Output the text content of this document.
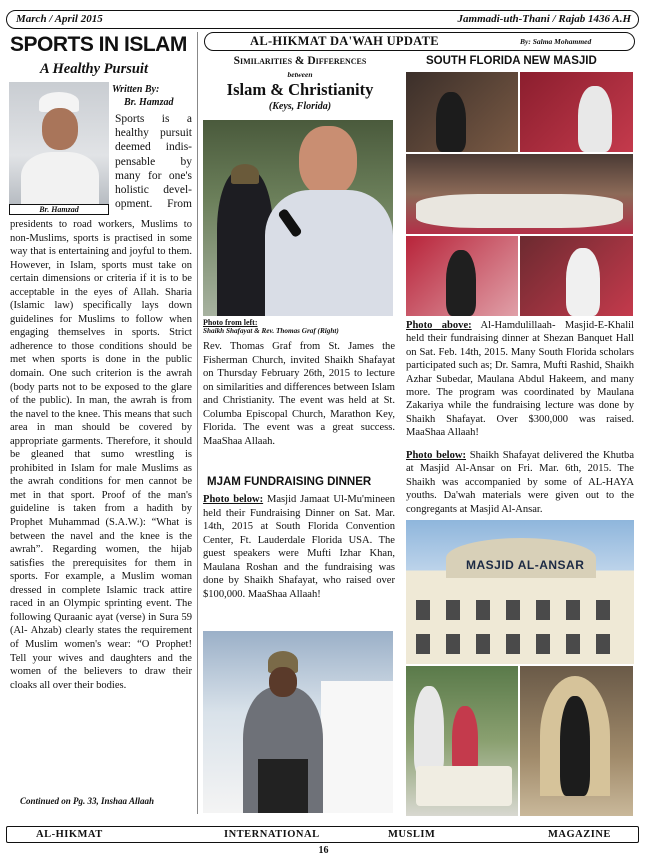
March / April 2015	Jammadi-uth-Thani / Rajab 1436 A.H
SPORTS IN ISLAM
A Healthy Pursuit
Br. Hamzad
Written By:
Br. Hamzad
Sports is a
healthy pursuit
deemed indis-
pensable by
many for one's
holistic devel-
opment. From
presidents to road workers, Muslims to non-Muslims, sports is practised in some way that is entertaining and joyful to them. However, in Islam, sports must take on certain dimensions or criteria if it is to be acceptable in the eyes of Allah. Sharia (Islamic law) specifically lays down guidelines for Muslims to follow when engaging themselves in sports. Strict adherence to those conditions should be met when sports is done in the public domain. One such criterion is the awrah (body parts not to be exposed to the glare of the public). In man, the awrah is from the navel to the knee. This means that such area in man should be covered by appropriate garments. Therefore, it should be gleaned that sumo wrestling is prohibited in Islam for male Muslims as the awrah conditions for men cannot be met in that sport. Proof of the man's guideline is taken from a hadith by Prophet Muhammad (S.A.W.): “What is between the navel and the knee is the awrah”. Regarding women, the hijab satisfies the prerequisites for them in sports. For example, a Muslim woman dressed in complete Islamic track attire raced in an Olympic sprinting event. The following Quraanic ayat (verse) in Sura 59 (Al- Ahzab) clearly states the requirement of Muslim women's wear: “O Prophet! Tell your wives and daughters and the women of the believers to draw their cloaks all over their bodies.
Continued on Pg. 33, Inshaa Allaah
AL-HIKMAT DA'WAH UPDATE	By: Salma Mohammed
Similarities & Differences
between
Islam & Christianity
(Keys, Florida)
Photo from left:
Shaikh Shafayat & Rev. Thomas Graf (Right)
Rev. Thomas Graf from St. James the Fisherman Church, invited Shaikh Shafayat on Thursday February 26th, 2015 to lecture on similarities and differences between Islam and Christianity. The event was held at St. Columba Episcopal Church, Marathon Key, Florida. The event was a great success. MaaShaa Allaah.
MJAM FUNDRAISING DINNER
Photo below: Masjid Jamaat Ul-Mu'mineen held their Fundraising Dinner on Sat. Mar. 14th, 2015 at South Florida Convention Center, Ft. Lauderdale Florida USA. The guest speakers were Mufti Izhar Khan, Maulana Roshan and the fundraising was done by Shaikh Shafayat, who raised over $100,000. MaaShaa Allaah!
SOUTH FLORIDA NEW MASJID
Photo above: Al-Hamdulillaah- Masjid-E-Khalil held their fundraising dinner at Shezan Banquet Hall on Sat. Feb. 14th, 2015. Many South Florida scholars participated such as; Dr. Samra, Mufti Rashid, Shaikh Azhar Subedar, Maulana Abdul Hakeem, and many more. The program was coordinated by Maulana Zakariya while the fundraising lecture was done by Shaikh Shafayat. Over $300,000 was raised. MaaShaa Allaah!
Photo below: Shaikh Shafayat delivered the Khutba at Masjid Al-Ansar on Fri. Mar. 6th, 2015. The Shaikh was accompanied by some of AL-HAYA youths. Da'wah materials were given out to the congregants at Masjid Al-Ansar.
MASJID AL-ANSAR
AL-HIKMAT	INTERNATIONAL	MUSLIM	MAGAZINE
16
